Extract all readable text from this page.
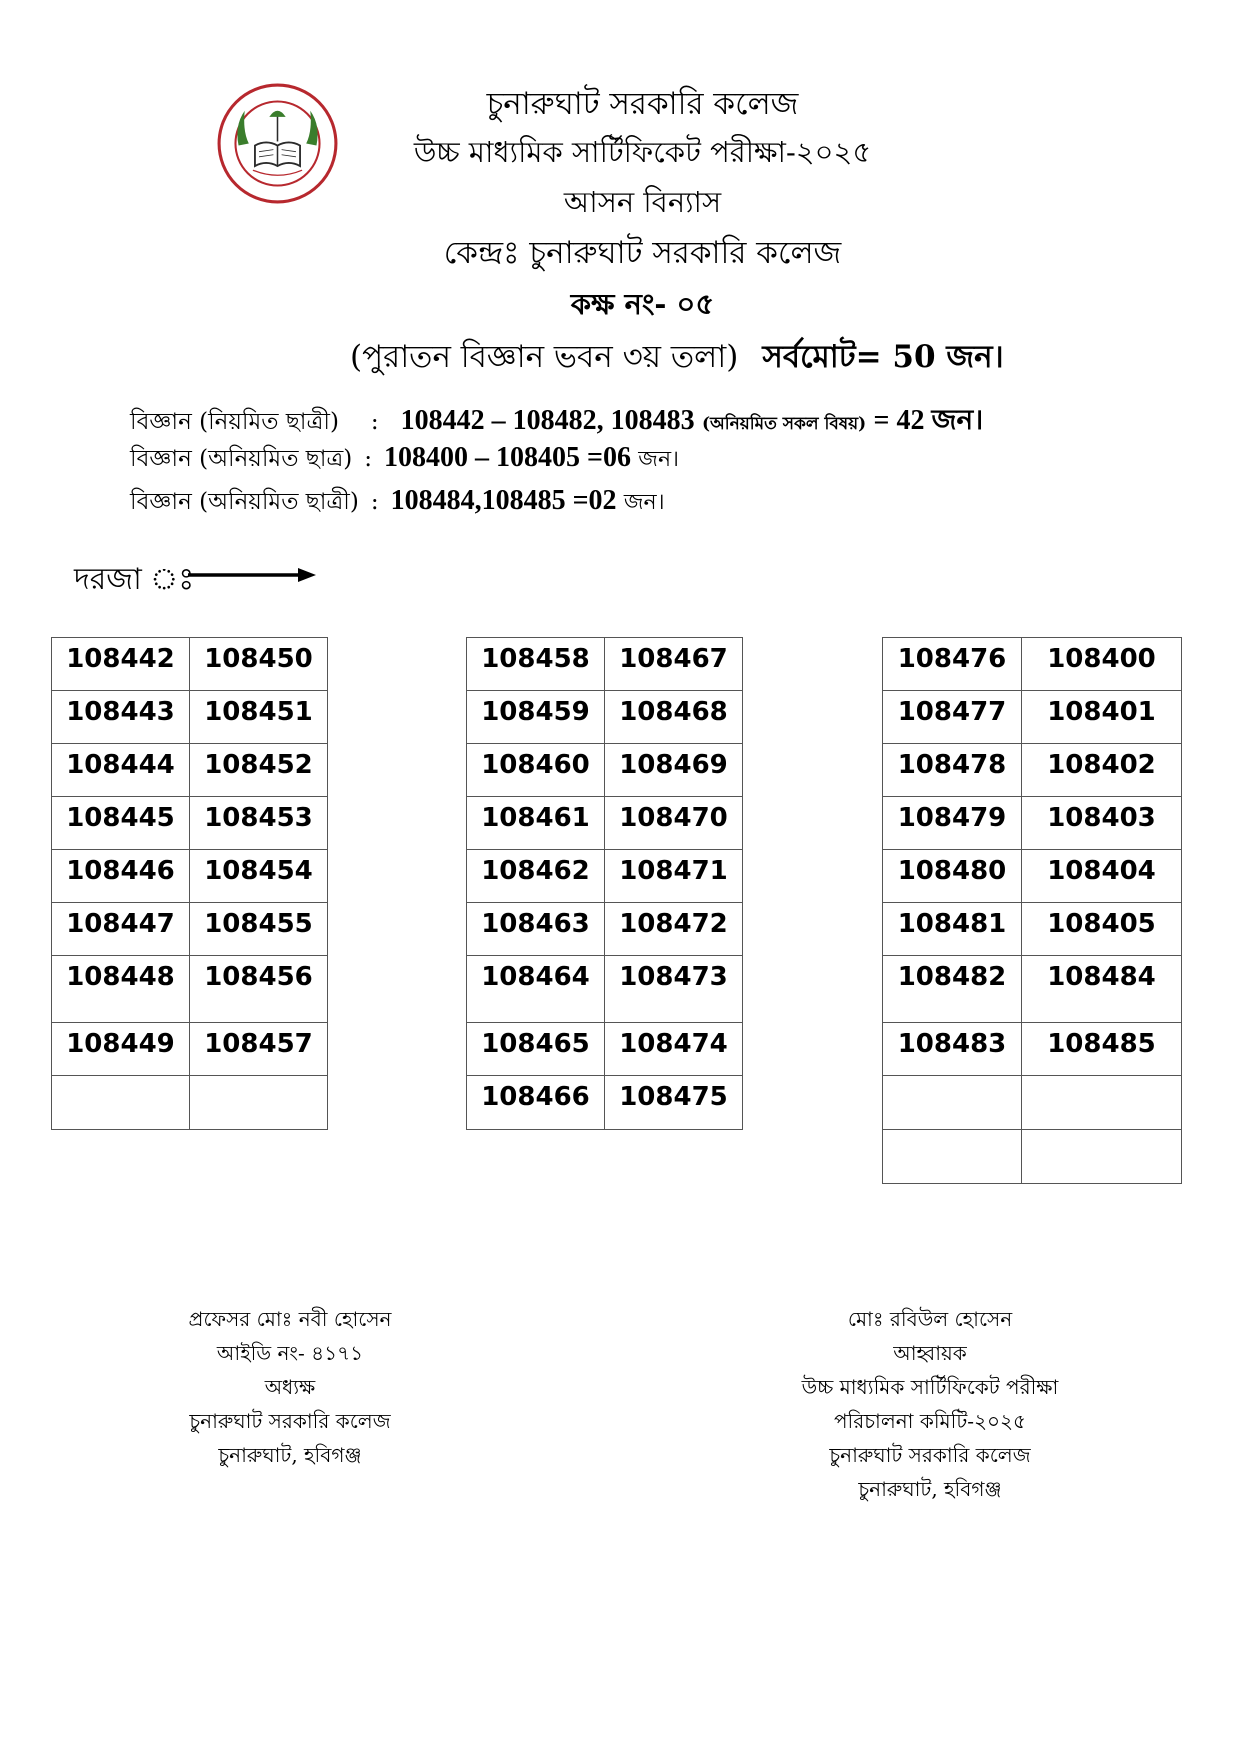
চুনারুঘাট সরকারি কলেজ
উচ্চ মাধ্যমিক সার্টিফিকেট পরীক্ষা-২০২৫
আসন বিন্যাস
কেন্দ্রঃ চুনারুঘাট সরকারি কলেজ
কক্ষ নং- ০৫
(পুরাতন বিজ্ঞান ভবন ৩য় তলা) সর্বমোট= 50 জন।
বিজ্ঞান (নিয়মিত ছাত্রী) : 108442 – 108482, 108483 (অনিয়মিত সকল বিষয়) = 42 জন।
বিজ্ঞান (অনিয়মিত ছাত্র) : 108400 – 108405 =06 জন।
বিজ্ঞান (অনিয়মিত ছাত্রী) : 108484,108485 =02 জন।
দরজা ঃ
108442	108450
108443	108451
108444	108452
108445	108453
108446	108454
108447	108455
108448	108456
108449	108457

108458	108467
108459	108468
108460	108469
108461	108470
108462	108471
108463	108472
108464	108473
108465	108474
108466	108475
108476	108400
108477	108401
108478	108402
108479	108403
108480	108404
108481	108405
108482	108484
108483	108485

প্রফেসর মোঃ নবী হোসেন
আইডি নং- ৪১৭১
অধ্যক্ষ
চুনারুঘাট সরকারি কলেজ
চুনারুঘাট, হবিগঞ্জ
মোঃ রবিউল হোসেন
আহ্বায়ক
উচ্চ মাধ্যমিক সার্টিফিকেট পরীক্ষা
পরিচালনা কমিটি-২০২৫
চুনারুঘাট সরকারি কলেজ
চুনারুঘাট, হবিগঞ্জ
